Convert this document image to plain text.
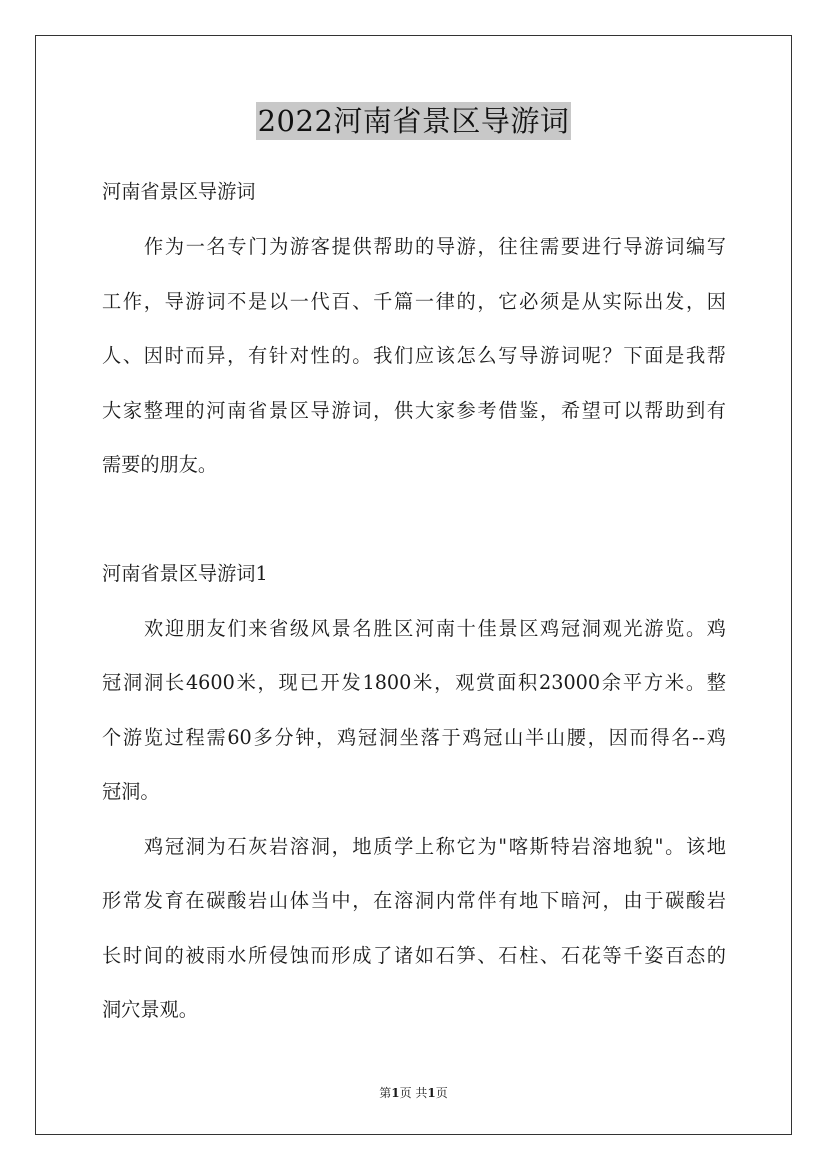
2022河南省景区导游词
河南省景区导游词
作为一名专门为游客提供帮助的导游，往往需要进行导游词编写
工作，导游词不是以一代百、千篇一律的，它必须是从实际出发，因
人、因时而异，有针对性的。我们应该怎么写导游词呢？下面是我帮
大家整理的河南省景区导游词，供大家参考借鉴，希望可以帮助到有
需要的朋友。
河南省景区导游词1
欢迎朋友们来省级风景名胜区河南十佳景区鸡冠洞观光游览。鸡
冠洞洞长4600米，现已开发1800米，观赏面积23000余平方米。整
个游览过程需60多分钟，鸡冠洞坐落于鸡冠山半山腰，因而得名--鸡
冠洞。
鸡冠洞为石灰岩溶洞，地质学上称它为"喀斯特岩溶地貌"。该地
形常发育在碳酸岩山体当中，在溶洞内常伴有地下暗河，由于碳酸岩
长时间的被雨水所侵蚀而形成了诸如石笋、石柱、石花等千姿百态的
洞穴景观。
第1页 共1页
